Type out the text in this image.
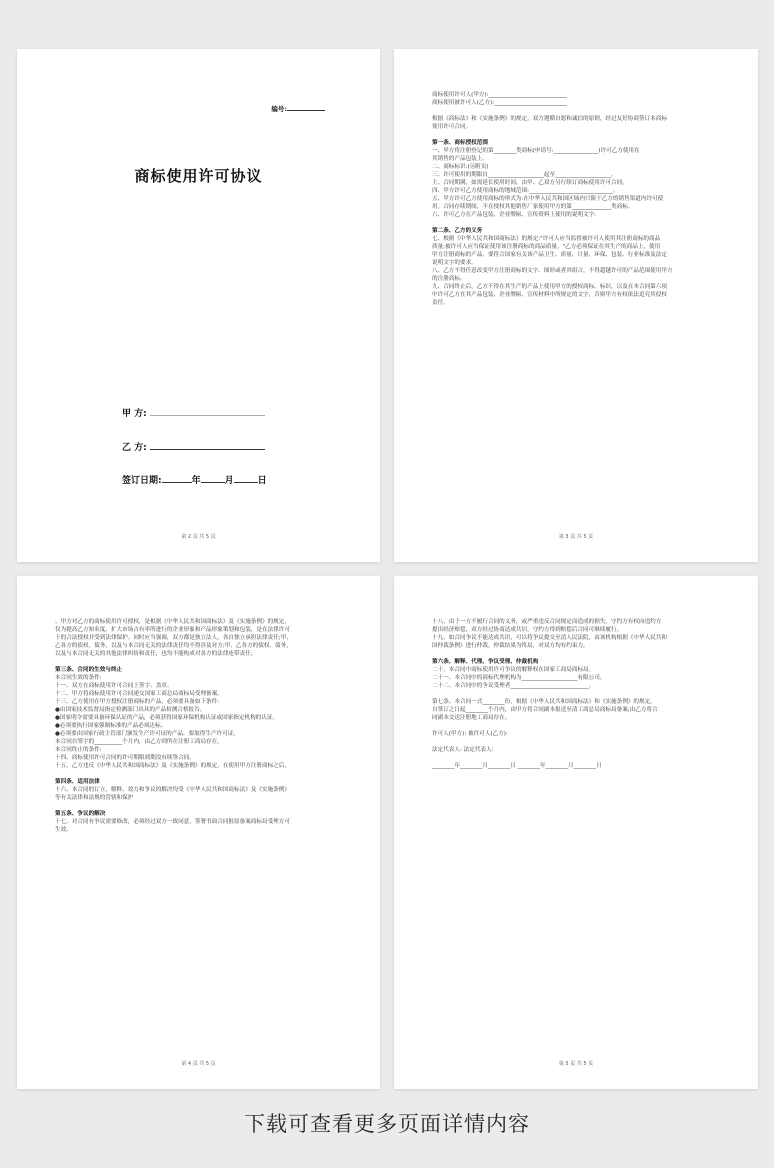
编号:
商标使用许可协议
甲 方:
乙 方:
签订日期:	年	月	日
第 2 页 共 5 页
商标使用许可人(甲方):____________________________
商标使用被许可人(乙方):__________________________
根据《商标法》和《实施条例》的规定，双方遵循自愿和诚信的原则，经过友好协商签订本商标
使用许可合同。
第一条、商标授权范围
一、甲方将注册登记的第________类商标(申请号:________________)许可乙方使用在
其销售的产品包装上。
二、商标标识:(另附页)
三、许可使用的期限自____________________起至____________________。
主、合同期满，如需延长使用时间，由甲、乙双方另行续订商标使用许可合同。
四、甲方许可乙方使用商标的地域范围:______________________________。
五、甲方许可乙方使用商标的形式为:在中华人民共和国区域内只限于乙方的销售渠道内许可使
用。合同存续期间，不在授权其他销售厂家使用甲方的第______________类商标。
六、许可乙方在产品包装、企业牌匾、宣传资料上使用的说明文字:
第二条、乙方的义务
七、根据《中华人民共和国商标法》的规定:"许可人应当监督被许可人使用其注册商标的商品
质量;被许可人应当保证使用该注册商标的商品质量。"乙方必须保证在其生产的商品上，使用
甲方注册商标的产品，要符合国家有关该产品卫生、质量、计量、环保、包装、行业标准及法定
说明文字的要求。
八、乙方不得任意改变甲方注册商标的文字、图形或者其组合，不得超越许可的产品范围使用甲方
的注册商标。
九、合同终止后，乙方不得在其生产的产品上使用甲方的授权商标、标识，以及在本合同第六项
中许可乙方在其产品包装、企业牌匾、宣传材料中所规定的文字，否则甲方有权依法追究其侵权
责任。
第 3 页 共 5 页
、甲方对乙方的商标使用许可授权，是根据《中华人民共和国商标法》及《实施条例》的规定，
仅为提高乙方知名度、扩大市场占有率所进行的企业形象和产品形象策划和包装，是在法律许可
下的合法授权并受到法律保护。同时应当强调，双方都是独立法人，各自独立承担法律责任;甲、
乙各方的债权、债务，以及与本合同无关的法律责任均不得涉及对方;甲、乙各方的债权、债务，
以及与本合同无关的其他法律纠纷和责任，也均不能构成对各方的法律连带责任。
第三条、合同的生效与终止
本合同生效的条件:
十一、双方在商标使用许可合同上签字、盖章。
十二、甲方将商标使用许可合同递交国家工商总局商标局受理备案。
十三、乙方使用在甲方授权注册商标的产品，必须要具备如下条件:
●由国家技术监督局指定检测部门出具的产品检测合格报告。
●国家明令需要具备环保认证的产品，必须获得国家环保机构认证或国家指定机构的认证。
●必须要执行国家强制标准的产品必须达标。
●必须要由国家行政主管部门颁发生产许可证的产品，要取得生产许可证。
本合同自签字的__________个月内，由乙方到所在注册工商局存在。
本合同终止的条件:
十四、商标使用许可合同的许可期限到期没有续签合同。
十五、乙方违反《中华人民共和国商标法》及《实施条例》的规定，在使用甲方注册商标之后，
第四条、适用法律
十六、本合同的订立、解释、效力和争议的解决均受《中华人民共和国商标法》及《实施条例》
等有关法律和法规的管辖和保护
第五条、争议的解决
十七、对合同有争议需要修改，必须经过双方一致同意，签署书面合同报原备案商标局受理方可
生效。
第 4 页 共 5 页
十八、由于一方不履行合同的义务，或严重违反合同规定而造成的损失，守约方有权向违约方
提出经济赔偿，双方经过协商达成共识，守约方得到赔偿后合同可继续履行。
十九、如合同争议不能达成共识，可以将争议提交至清人民法院，由该机构根据《中华人民共和
国仲裁条例》进行仲裁，仲裁结果为终局，对双方均有约束力。
第六条、解释、代理、争议受理、仲裁机构
二十、本合同中商标使用许可争议的解释权在国家工商局商标局。
二十一、本合同中的商标代理机构为____________________有限公司。
二十二、本合同中的争议受理者____________________________。
第七条、本合同一式________份，根据《中华人民共和国商标法》和《实施条例》的规定，
自签订之日起________个月内，由甲方将合同副本报送至清工商总局商标局备案;由乙方将合
同副本交送注册地工商局存在。
许可人(甲方): 被许可人(乙方):
法定代表人: 法定代表人:
________年________月________日 ________年________月________日
第 5 页 共 5 页
下载可查看更多页面详情内容
